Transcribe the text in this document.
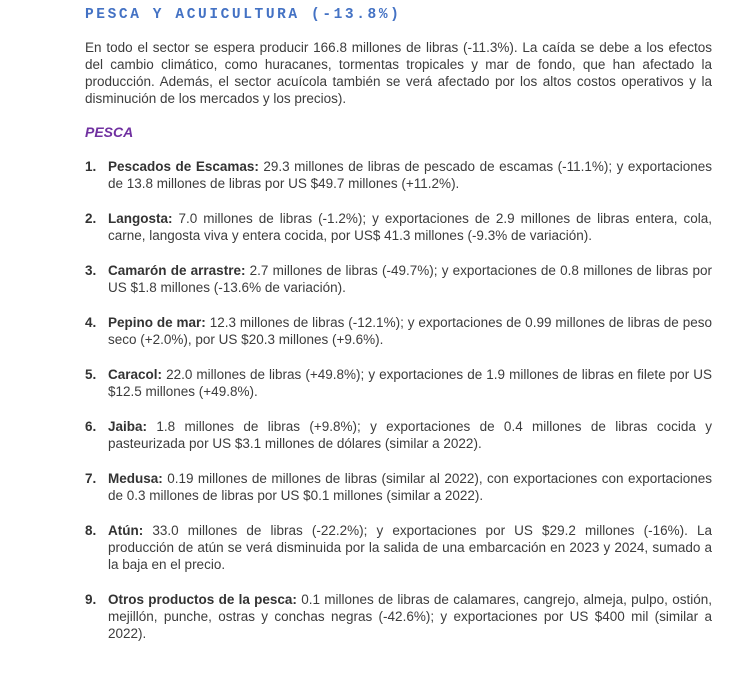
PESCA Y ACUICULTURA (-13.8%)

En todo el sector se espera producir 166.8 millones de libras (-11.3%). La caída se debe a los efectos del cambio climático, como huracanes, tormentas tropicales y mar de fondo, que han afectado la producción. Además, el sector acuícola también se verá afectado por los altos costos operativos y la disminución de los mercados y los precios).

PESCA
1. Pescados de Escamas: 29.3 millones de libras de pescado de escamas (-11.1%); y exportaciones de 13.8 millones de libras por US $49.7 millones (+11.2%).
2. Langosta: 7.0 millones de libras (-1.2%); y exportaciones de 2.9 millones de libras entera, cola, carne, langosta viva y entera cocida, por US$ 41.3 millones (-9.3% de variación).
3. Camarón de arrastre: 2.7 millones de libras (-49.7%); y exportaciones de 0.8 millones de libras por US $1.8 millones (-13.6% de variación).
4. Pepino de mar: 12.3 millones de libras (-12.1%); y exportaciones de 0.99 millones de libras de peso seco (+2.0%), por US $20.3 millones (+9.6%).
5. Caracol: 22.0 millones de libras (+49.8%); y exportaciones de 1.9 millones de libras en filete por US $12.5 millones (+49.8%).
6. Jaiba: 1.8 millones de libras (+9.8%); y exportaciones de 0.4 millones de libras cocida y pasteurizada por US $3.1 millones de dólares (similar a 2022).
7. Medusa: 0.19 millones de millones de libras (similar al 2022), con exportaciones con exportaciones de 0.3 millones de libras por US $0.1 millones (similar a 2022).
8. Atún: 33.0 millones de libras (-22.2%); y exportaciones por US $29.2 millones (-16%). La producción de atún se verá disminuida por la salida de una embarcación en 2023 y 2024, sumado a la baja en el precio.
9. Otros productos de la pesca: 0.1 millones de libras de calamares, cangrejo, almeja, pulpo, ostión, mejillón, punche, ostras y conchas negras (-42.6%); y exportaciones por US $400 mil (similar a 2022).
